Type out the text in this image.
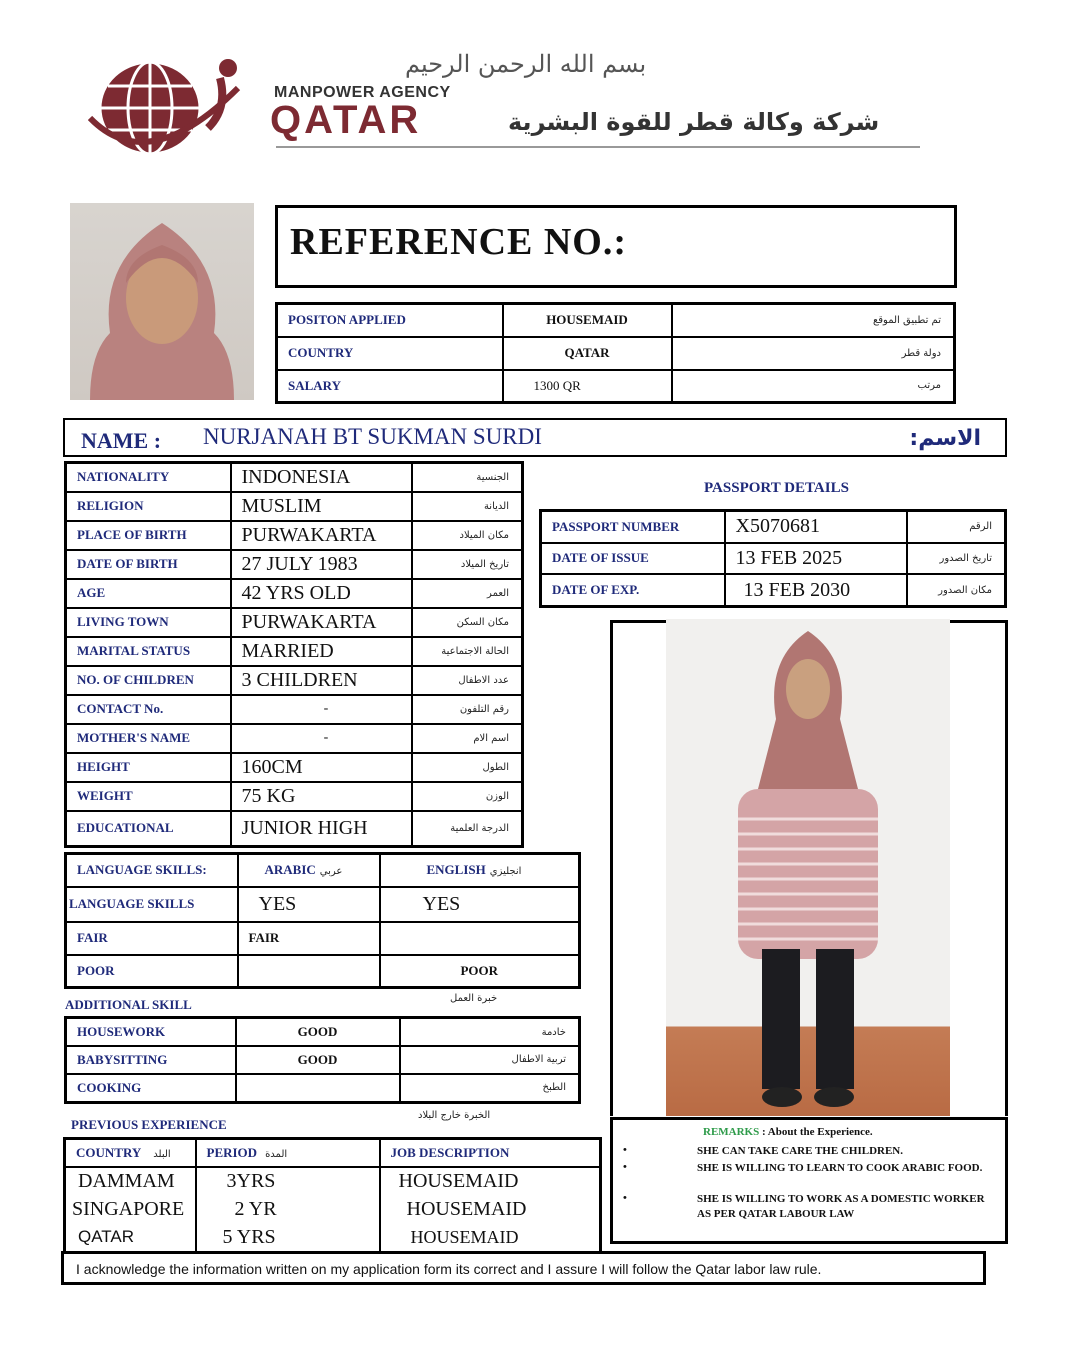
بسم الله الرحمن الرحيم
MANPOWER AGENCY
QATAR	شركة وكالة قطر للقوة البشرية
REFERENCE NO.:
POSITON APPLIED	HOUSEMAID	تم تطبيق الموقع
COUNTRY	QATAR	دولة قطر
SALARY	1300 QR	مرتب
NAME : NURJANAH BT SUKMAN SURDI	الاسم:
NATIONALITY	INDONESIA	الجنسية
RELIGION	MUSLIM	الديانة
PLACE OF BIRTH	PURWAKARTA	مكان الميلاد
DATE OF BIRTH	27 JULY 1983	تاريخ الميلاد
AGE	42 YRS OLD	العمر
LIVING TOWN	PURWAKARTA	مكان السكن
MARITAL STATUS	MARRIED	الحالة الاجتماعية
NO. OF CHILDREN	3 CHILDREN	عدد الاطفال
CONTACT No.	-	رقم التلفون
MOTHER'S NAME	-	اسم الام
HEIGHT	160CM	الطول
WEIGHT	75 KG	الوزن
EDUCATIONAL	JUNIOR HIGH	الدرجة العلمية
PASSPORT DETAILS
PASSPORT NUMBER	X5070681	الرقم
DATE OF ISSUE	13 FEB 2025	تاريخ الصدور
DATE OF EXP.	13 FEB 2030	مكان الصدور
LANGUAGE SKILLS:	ARABIC عربي	ENGLISH انجليزي
LANGUAGE SKILLS	YES	YES
FAIR	FAIR	
POOR		POOR
ADDITIONAL SKILL	خبرة العمل
HOUSEWORK	GOOD	خادمة
BABYSITTING	GOOD	تربية الاطفال
COOKING		الطبخ
PREVIOUS EXPERIENCE
الخبرة خارج البلاد
COUNTRY البلد	PERIOD المدة	JOB DESCRIPTION
DAMMAM	3YRS	HOUSEMAID
SINGAPORE	2 YR	HOUSEMAID
QATAR	5 YRS	HOUSEMAID
REMARKS : About the Experience.
•	SHE CAN TAKE CARE THE CHILDREN.
•	SHE IS WILLING TO LEARN TO COOK ARABIC FOOD.
•	SHE IS WILLING TO WORK AS A DOMESTIC WORKER AS PER QATAR LABOUR LAW
I acknowledge the information written on my application form its correct and I assure I will follow the Qatar labor law rule.
